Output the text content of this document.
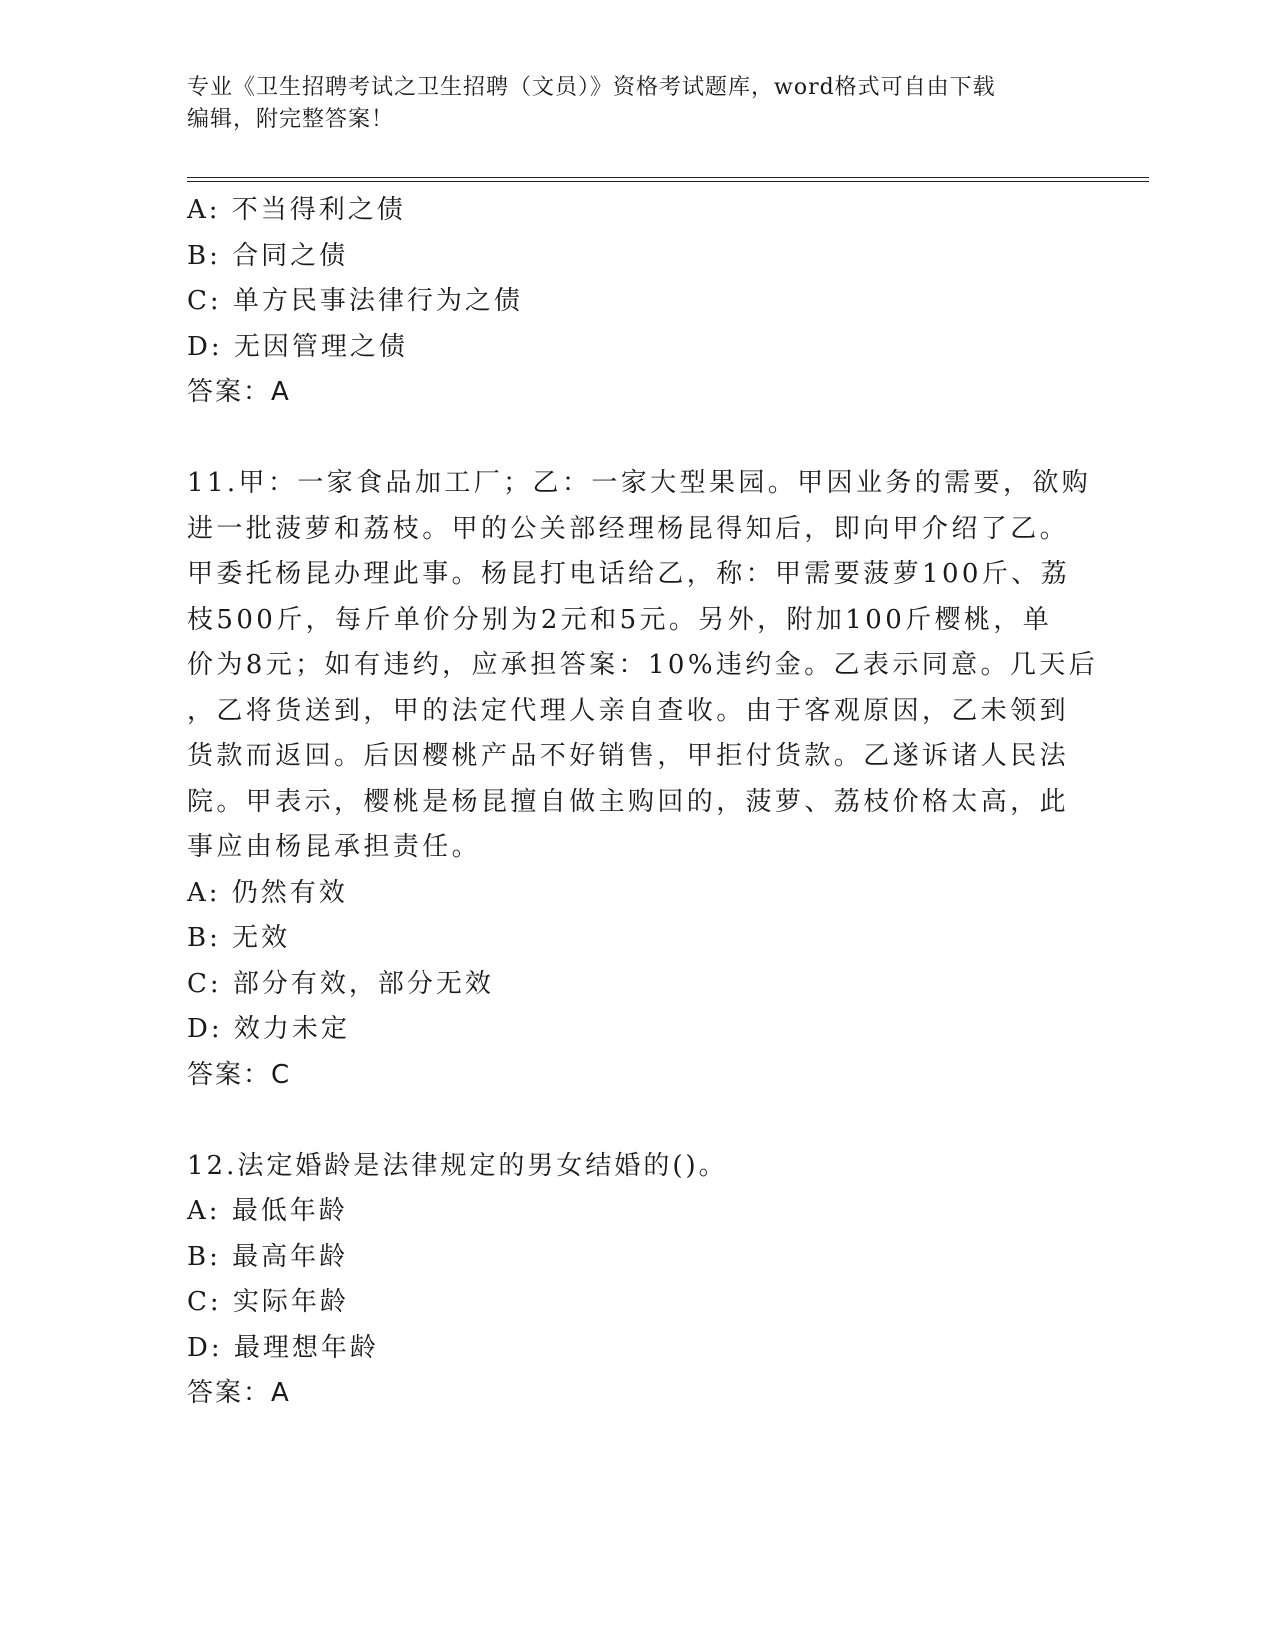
专业《卫生招聘考试之卫生招聘（文员）》资格考试题库，word格式可自由下载
编辑，附完整答案！
A: 不当得利之债
B: 合同之债
C: 单方民事法律行为之债
D: 无因管理之债
答案：A
11.甲：一家食品加工厂；乙：一家大型果园。甲因业务的需要，欲购
进一批菠萝和荔枝。甲的公关部经理杨昆得知后，即向甲介绍了乙。
甲委托杨昆办理此事。杨昆打电话给乙，称：甲需要菠萝100斤、荔
枝500斤，每斤单价分别为2元和5元。另外，附加100斤樱桃，单
价为8元；如有违约，应承担答案：10%违约金。乙表示同意。几天后
，乙将货送到，甲的法定代理人亲自查收。由于客观原因，乙未领到
货款而返回。后因樱桃产品不好销售，甲拒付货款。乙遂诉诸人民法
院。甲表示，樱桃是杨昆擅自做主购回的，菠萝、荔枝价格太高，此
事应由杨昆承担责任。
A: 仍然有效
B: 无效
C: 部分有效，部分无效
D: 效力未定
答案：C
12.法定婚龄是法律规定的男女结婚的()。
A: 最低年龄
B: 最高年龄
C: 实际年龄
D: 最理想年龄
答案：A
